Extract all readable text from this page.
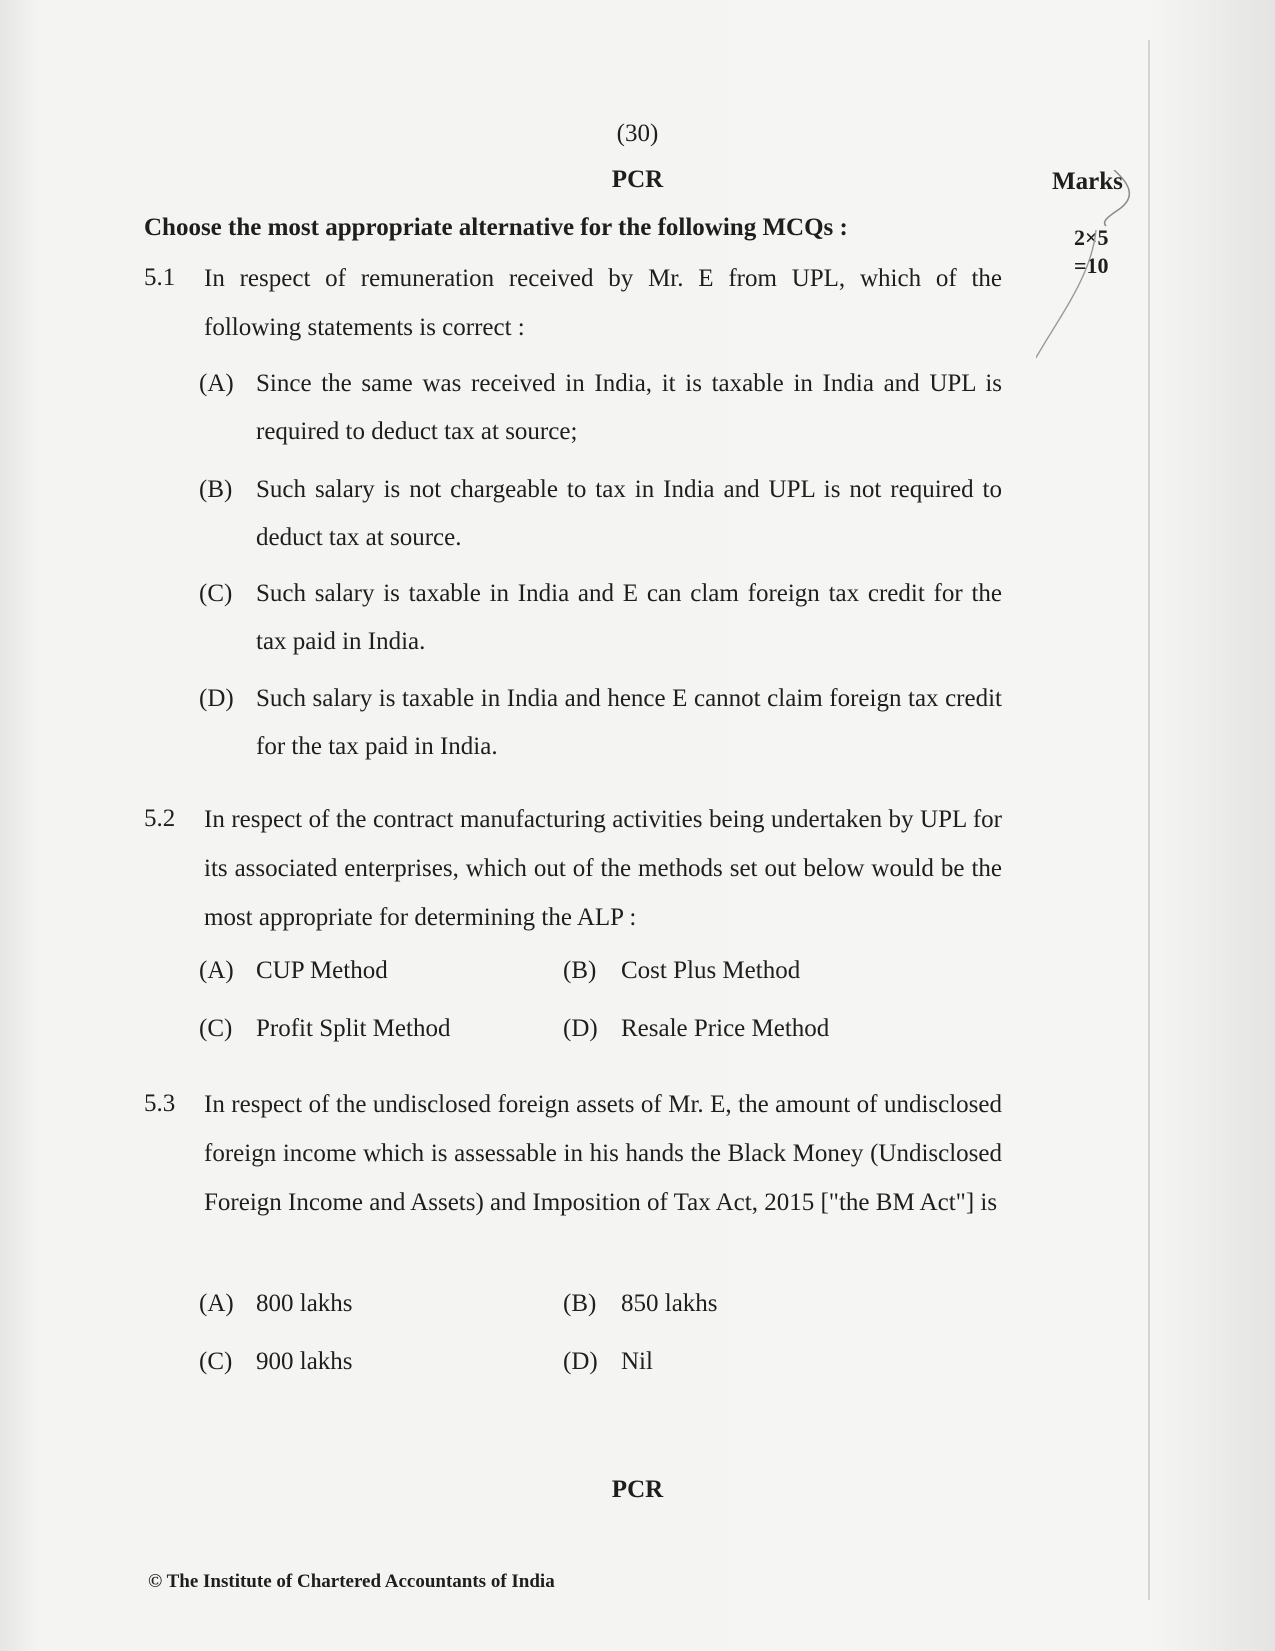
(30)
PCR	Marks
2×5
=10
Choose the most appropriate alternative for the following MCQs :
5.1 In respect of remuneration received by Mr. E from UPL, which of the following statements is correct :
(A) Since the same was received in India, it is taxable in India and UPL is required to deduct tax at source;
(B) Such salary is not chargeable to tax in India and UPL is not required to deduct tax at source.
(C) Such salary is taxable in India and E can clam foreign tax credit for the tax paid in India.
(D) Such salary is taxable in India and hence E cannot claim foreign tax credit for the tax paid in India.
5.2 In respect of the contract manufacturing activities being undertaken by UPL for its associated enterprises, which out of the methods set out below would be the most appropriate for determining the ALP :
(A) CUP Method	(B) Cost Plus Method
(C) Profit Split Method	(D) Resale Price Method
5.3 In respect of the undisclosed foreign assets of Mr. E, the amount of undisclosed foreign income which is assessable in his hands the Black Money (Undisclosed Foreign Income and Assets) and Imposition of Tax Act, 2015 ["the BM Act"] is
(A) 800 lakhs	(B) 850 lakhs
(C) 900 lakhs	(D) Nil
PCR
© The Institute of Chartered Accountants of India
